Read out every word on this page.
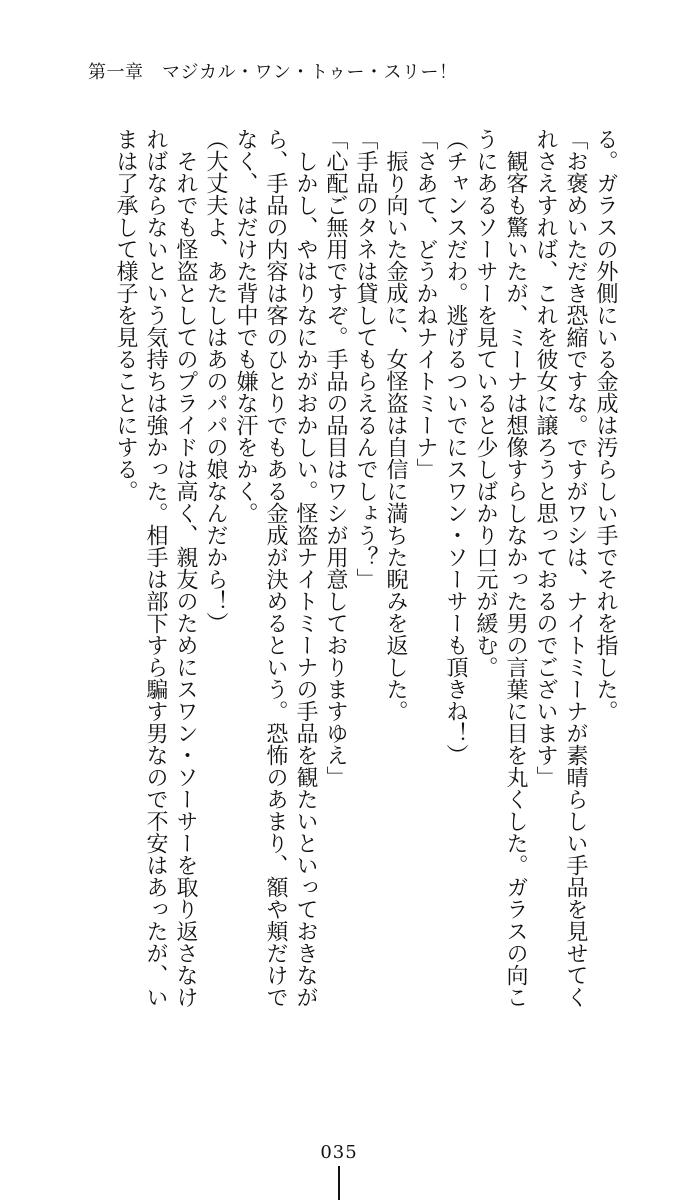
第一章　マジカル・ワン・トゥー・スリー！
る。ガラスの外側にいる金成は汚らしい手でそれを指した。
「お褒めいただき恐縮ですな。ですがワシは、ナイトミーナが素晴らしい手品を見せてく
れさえすれば、これを彼女に譲ろうと思っておるのでございます」
　観客も驚いたが、ミーナは想像すらしなかった男の言葉に目を丸くした。ガラスの向こ
うにあるソーサーを見ていると少しばかり口元が緩む。
（チャンスだわ。逃げるついでにスワン・ソーサーも頂きね！）
「さあて、どうかねナイトミーナ」
　振り向いた金成に、女怪盗は自信に満ちた睨みを返した。
「手品のタネは貸してもらえるんでしょう？」
「心配ご無用ですぞ。手品の品目はワシが用意しておりますゆえ」
　しかし、やはりなにかがおかしい。怪盗ナイトミーナの手品を観たいといっておきなが
ら、手品の内容は客のひとりでもある金成が決めるという。恐怖のあまり、額や頬だけで
なく、はだけた背中でも嫌な汗をかく。
（大丈夫よ、あたしはあのパパの娘なんだから！）
　それでも怪盗としてのプライドは高く、親友のためにスワン・ソーサーを取り返さなけ
ればならないという気持ちは強かった。相手は部下すら騙す男なので不安はあったが、い
まは了承して様子を見ることにする。
035
